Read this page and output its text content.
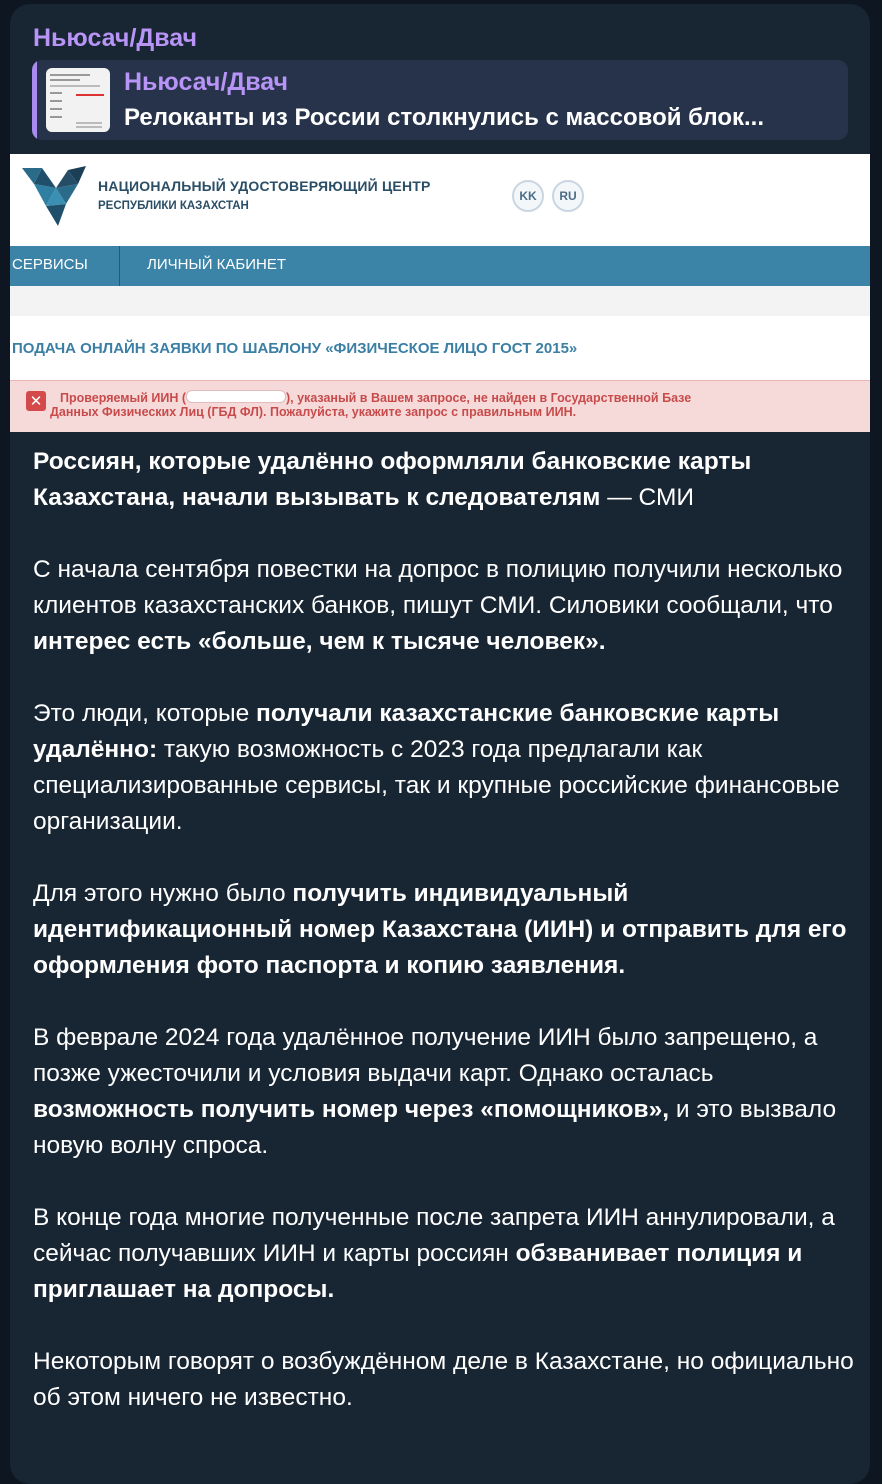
Ньюсач/Двач
Ньюсач/Двач
Релоканты из России столкнулись с массовой блок...
НАЦИОНАЛЬНЫЙ УДОСТОВЕРЯЮЩИЙ ЦЕНТР
РЕСПУБЛИКИ КАЗАХСТАН
KK	RU
СЕРВИСЫ	ЛИЧНЫЙ КАБИНЕТ
ПОДАЧА ОНЛАЙН ЗАЯВКИ ПО ШАБЛОНУ «ФИЗИЧЕСКОЕ ЛИЦО ГОСТ 2015»
✕	Проверяемый ИИН (	), указаный в Вашем запросе, не найден в Государственной Базе
Данных Физических Лиц (ГБД ФЛ). Пожалуйста, укажите запрос с правильным ИИН.

Россиян, которые удалённо оформляли банковские карты Казахстана, начали вызывать к следователям — СМИ

С начала сентября повестки на допрос в полицию получили несколько клиентов казахстанских банков, пишут СМИ. Силовики сообщали, что интерес есть «больше, чем к тысяче человек».

Это люди, которые получали казахстанские банковские карты удалённо: такую возможность с 2023 года предлагали как специализированные сервисы, так и крупные российские финансовые организации.

Для этого нужно было получить индивидуальный идентификационный номер Казахстана (ИИН) и отправить для его оформления фото паспорта и копию заявления.

В феврале 2024 года удалённое получение ИИН было запрещено, а позже ужесточили и условия выдачи карт. Однако осталась возможность получить номер через «помощников», и это вызвало новую волну спроса.

В конце года многие полученные после запрета ИИН аннулировали, а сейчас получавших ИИН и карты россиян обзванивает полиция и приглашает на допросы.

Некоторым говорят о возбуждённом деле в Казахстане, но официально об этом ничего не известно.
